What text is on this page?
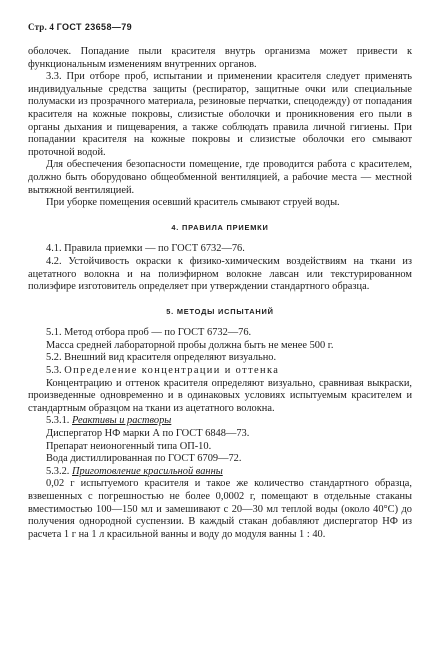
Стр. 4 ГОСТ 23658—79

оболочек. Попадание пыли красителя внутрь организма может привести к функциональным изменениям внутренних органов.

3.3. При отборе проб, испытании и применении красителя следует применять индивидуальные средства защиты (респиратор, защитные очки или специальные полумаски из прозрачного материала, резиновые перчатки, спецодежду) от попадания красителя на кожные покровы, слизистые оболочки и проникновения его пыли в органы дыхания и пищеварения, а также соблюдать правила личной гигиены. При попадании красителя на кожные покровы и слизистые оболочки его смывают проточной водой.

Для обеспечения безопасности помещение, где проводится работа с красителем, должно быть оборудовано общеобменной вентиляцией, а рабочие места — местной вытяжной вентиляцией.

При уборке помещения осевший краситель смывают струей воды.

4. ПРАВИЛА ПРИЕМКИ

4.1. Правила приемки — по ГОСТ 6732—76.

4.2. Устойчивость окраски к физико-химическим воздействиям на ткани из ацетатного волокна и на полиэфирном волокне лавсан или текстурированном полиэфире изготовитель определяет при утверждении стандартного образца.

5. МЕТОДЫ ИСПЫТАНИЙ

5.1. Метод отбора проб — по ГОСТ 6732—76.

Масса средней лабораторной пробы должна быть не менее 500 г.

5.2. Внешний вид красителя определяют визуально.

5.3. Определение концентрации и оттенка

Концентрацию и оттенок красителя определяют визуально, сравнивая выкраски, произведенные одновременно и в одинаковых условиях испытуемым красителем и стандартным образцом на ткани из ацетатного волокна.

5.3.1. Реактивы и растворы

Диспергатор НФ марки А по ГОСТ 6848—73.

Препарат неионогенный типа ОП-10.

Вода дистиллированная по ГОСТ 6709—72.

5.3.2. Приготовление красильной ванны

0,02 г испытуемого красителя и такое же количество стандартного образца, взвешенных с погрешностью не более 0,0002 г, помещают в отдельные стаканы вместимостью 100—150 мл и замешивают с 20—30 мл теплой воды (около 40°С) до получения однородной суспензии. В каждый стакан добавляют диспергатор НФ из расчета 1 г на 1 л красильной ванны и воду до модуля ванны 1 : 40.
